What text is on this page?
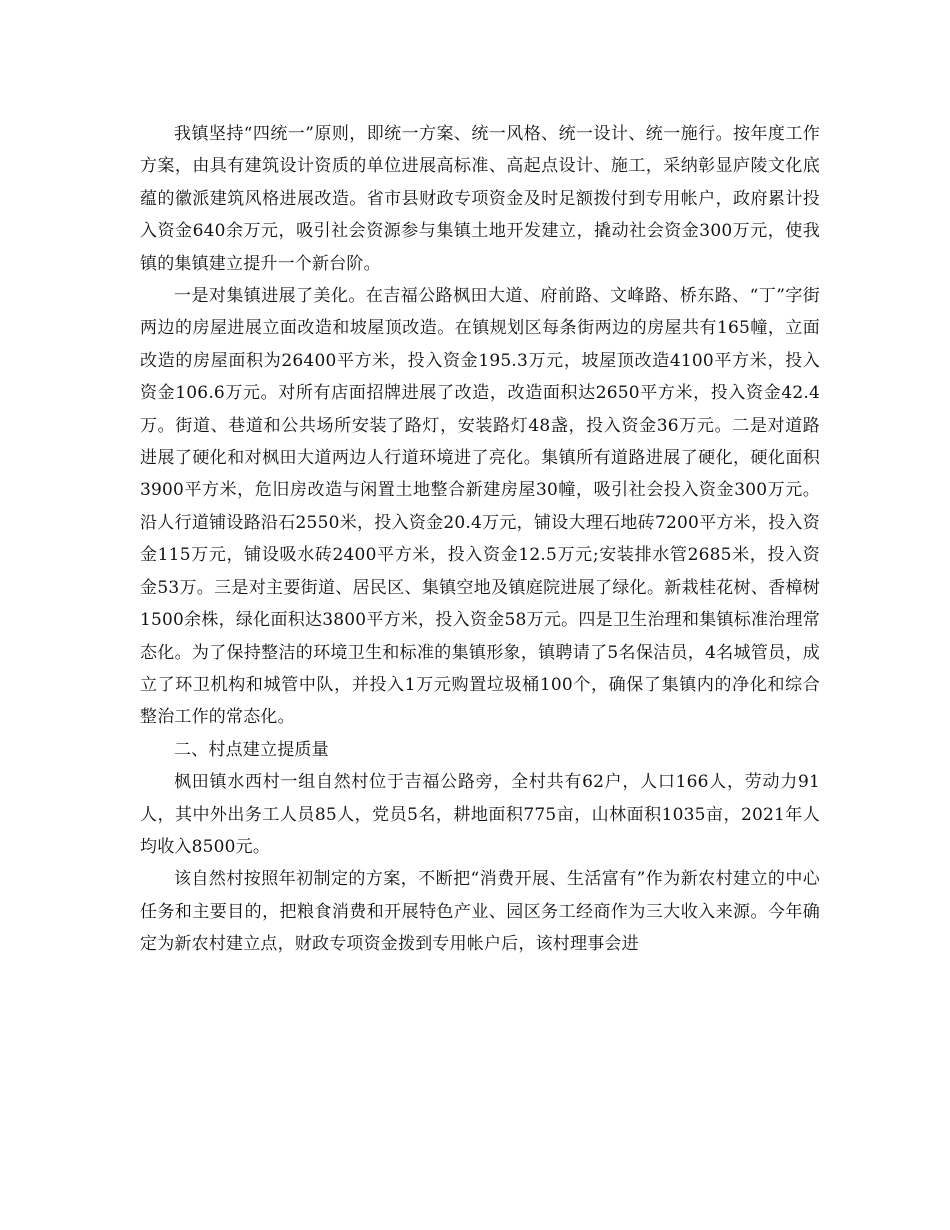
我镇坚持“四统一”原则，即统一方案、统一风格、统一设计、统一施行。按年度工作方案，由具有建筑设计资质的单位进展高标准、高起点设计、施工，采纳彰显庐陵文化底蕴的徽派建筑风格进展改造。省市县财政专项资金及时足额拨付到专用帐户，政府累计投入资金640余万元，吸引社会资源参与集镇土地开发建立，撬动社会资金300万元，使我镇的集镇建立提升一个新台阶。

一是对集镇进展了美化。在吉福公路枫田大道、府前路、文峰路、桥东路、“丁”字街两边的房屋进展立面改造和坡屋顶改造。在镇规划区每条街两边的房屋共有165幢，立面改造的房屋面积为26400平方米，投入资金195.3万元，坡屋顶改造4100平方米，投入资金106.6万元。对所有店面招牌进展了改造，改造面积达2650平方米，投入资金42.4万。街道、巷道和公共场所安装了路灯，安装路灯48盏，投入资金36万元。二是对道路进展了硬化和对枫田大道两边人行道环境进了亮化。集镇所有道路进展了硬化，硬化面积3900平方米，危旧房改造与闲置土地整合新建房屋30幢，吸引社会投入资金300万元。沿人行道铺设路沿石2550米，投入资金20.4万元，铺设大理石地砖7200平方米，投入资金115万元，铺设吸水砖2400平方米，投入资金12.5万元;安装排水管2685米，投入资金53万。三是对主要街道、居民区、集镇空地及镇庭院进展了绿化。新栽桂花树、香樟树1500余株，绿化面积达3800平方米，投入资金58万元。四是卫生治理和集镇标准治理常态化。为了保持整洁的环境卫生和标准的集镇形象，镇聘请了5名保洁员，4名城管员，成立了环卫机构和城管中队，并投入1万元购置垃圾桶100个，确保了集镇内的净化和综合整治工作的常态化。

二、村点建立提质量

枫田镇水西村一组自然村位于吉福公路旁，全村共有62户，人口166人，劳动力91人，其中外出务工人员85人，党员5名，耕地面积775亩，山林面积1035亩，2021年人均收入8500元。

该自然村按照年初制定的方案，不断把“消费开展、生活富有”作为新农村建立的中心任务和主要目的，把粮食消费和开展特色产业、园区务工经商作为三大收入来源。今年确定为新农村建立点，财政专项资金拨到专用帐户后，该村理事会进
